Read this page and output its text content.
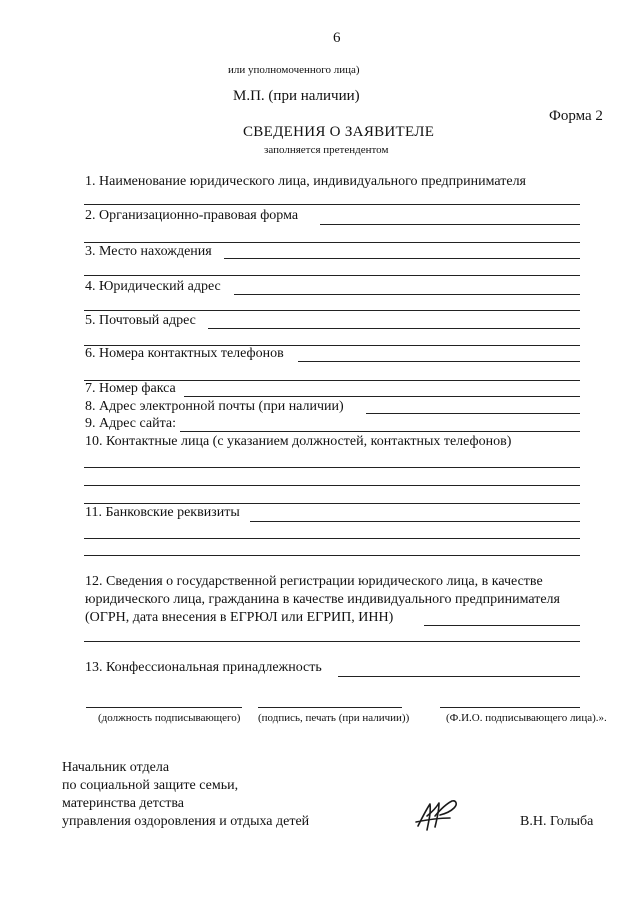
6
или уполномоченного лица)
М.П. (при наличии)
Форма 2
СВЕДЕНИЯ О ЗАЯВИТЕЛЕ
заполняется претендентом
1. Наименование юридического лица, индивидуального предпринимателя
2. Организационно-правовая форма
3. Место нахождения
4. Юридический адрес
5. Почтовый адрес
6. Номера контактных телефонов
7. Номер факса
8. Адрес электронной почты (при наличии)
9. Адрес сайта:
10. Контактные лица (с указанием должностей, контактных телефонов)
11. Банковские реквизиты
12. Сведения о государственной регистрации юридического лица, в качестве
юридического лица, гражданина в качестве индивидуального предпринимателя
(ОГРН, дата внесения в ЕГРЮЛ или ЕГРИП, ИНН)
13. Конфессиональная принадлежность
(должность подписывающего) (подпись, печать (при наличии))	(Ф.И.О. подписывающего лица).».
Начальник отдела
по социальной защите семьи,
материнства детства
управления оздоровления и отдыха детей	В.Н. Голыба
